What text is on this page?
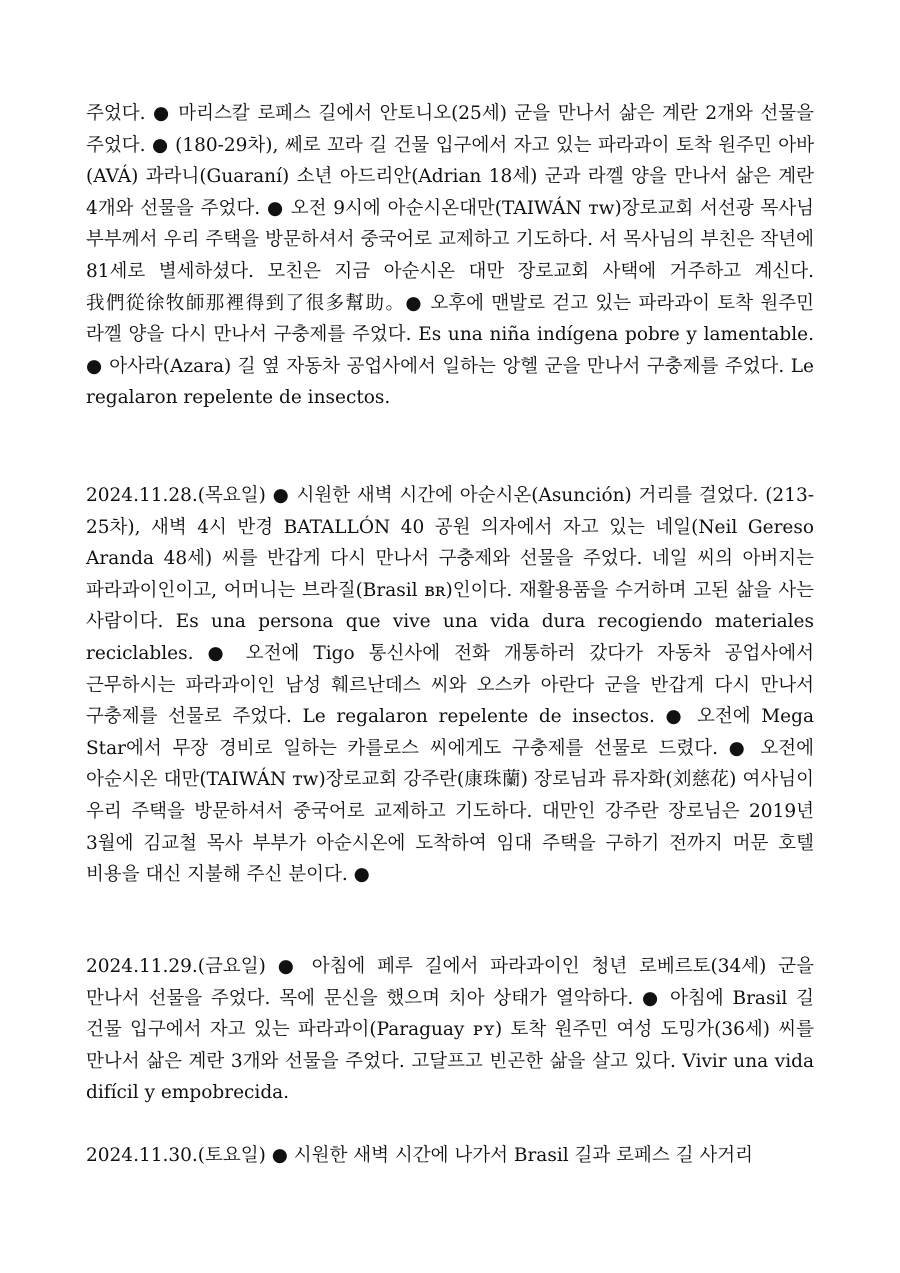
주었다. ● 마리스칼 로페스 길에서 안토니오(25세) 군을 만나서 삶은 계란 2개와 선물을 주었다. ● (180-29차), 쎄로 꼬라 길 건물 입구에서 자고 있는 파라과이 토착 원주민 아바(AVÁ) 과라니(Guaraní) 소년 아드리안(Adrian 18세) 군과 라껠 양을 만나서 삶은 계란 4개와 선물을 주었다. ● 오전 9시에 아순시온대만(TAIWÁN ᴛᴡ)장로교회 서선광 목사님 부부께서 우리 주택을 방문하셔서 중국어로 교제하고 기도하다. 서 목사님의 부친은 작년에 81세로 별세하셨다. 모친은 지금 아순시온 대만 장로교회 사택에 거주하고 계신다. 我們從徐牧師那裡得到了很多幫助。● 오후에 맨발로 걷고 있는 파라과이 토착 원주민 라껠 양을 다시 만나서 구충제를 주었다. Es una niña indígena pobre y lamentable. ● 아사라(Azara) 길 옆 자동차 공업사에서 일하는 앙헬 군을 만나서 구충제를 주었다. Le regalaron repelente de insectos.

2024.11.28.(목요일) ● 시원한 새벽 시간에 아순시온(Asunción) 거리를 걸었다. (213-25차), 새벽 4시 반경 BATALLÓN 40 공원 의자에서 자고 있는 네일(Neil Gereso Aranda 48세) 씨를 반갑게 다시 만나서 구충제와 선물을 주었다. 네일 씨의 아버지는 파라과이인이고, 어머니는 브라질(Brasil ʙʀ)인이다. 재활용품을 수거하며 고된 삶을 사는 사람이다. Es una persona que vive una vida dura recogiendo materiales reciclables. ● 오전에 Tigo 통신사에 전화 개통하러 갔다가 자동차 공업사에서 근무하시는 파라과이인 남성 훼르난데스 씨와 오스카 아란다 군을 반갑게 다시 만나서 구충제를 선물로 주었다. Le regalaron repelente de insectos. ● 오전에 Mega Star에서 무장 경비로 일하는 카를로스 씨에게도 구충제를 선물로 드렸다. ● 오전에 아순시온 대만(TAIWÁN ᴛᴡ)장로교회 강주란(康珠蘭) 장로님과 류자화(刘慈花) 여사님이 우리 주택을 방문하셔서 중국어로 교제하고 기도하다. 대만인 강주란 장로님은 2019년 3월에 김교철 목사 부부가 아순시온에 도착하여 임대 주택을 구하기 전까지 머문 호텔 비용을 대신 지불해 주신 분이다. ●

2024.11.29.(금요일) ● 아침에 페루 길에서 파라과이인 청년 로베르토(34세) 군을 만나서 선물을 주었다. 목에 문신을 했으며 치아 상태가 열악하다. ● 아침에 Brasil 길 건물 입구에서 자고 있는 파라과이(Paraguay ᴘʏ) 토착 원주민 여성 도밍가(36세) 씨를 만나서 삶은 계란 3개와 선물을 주었다. 고달프고 빈곤한 삶을 살고 있다. Vivir una vida difícil y empobrecida.

2024.11.30.(토요일) ● 시원한 새벽 시간에 나가서 Brasil 길과 로페스 길 사거리
